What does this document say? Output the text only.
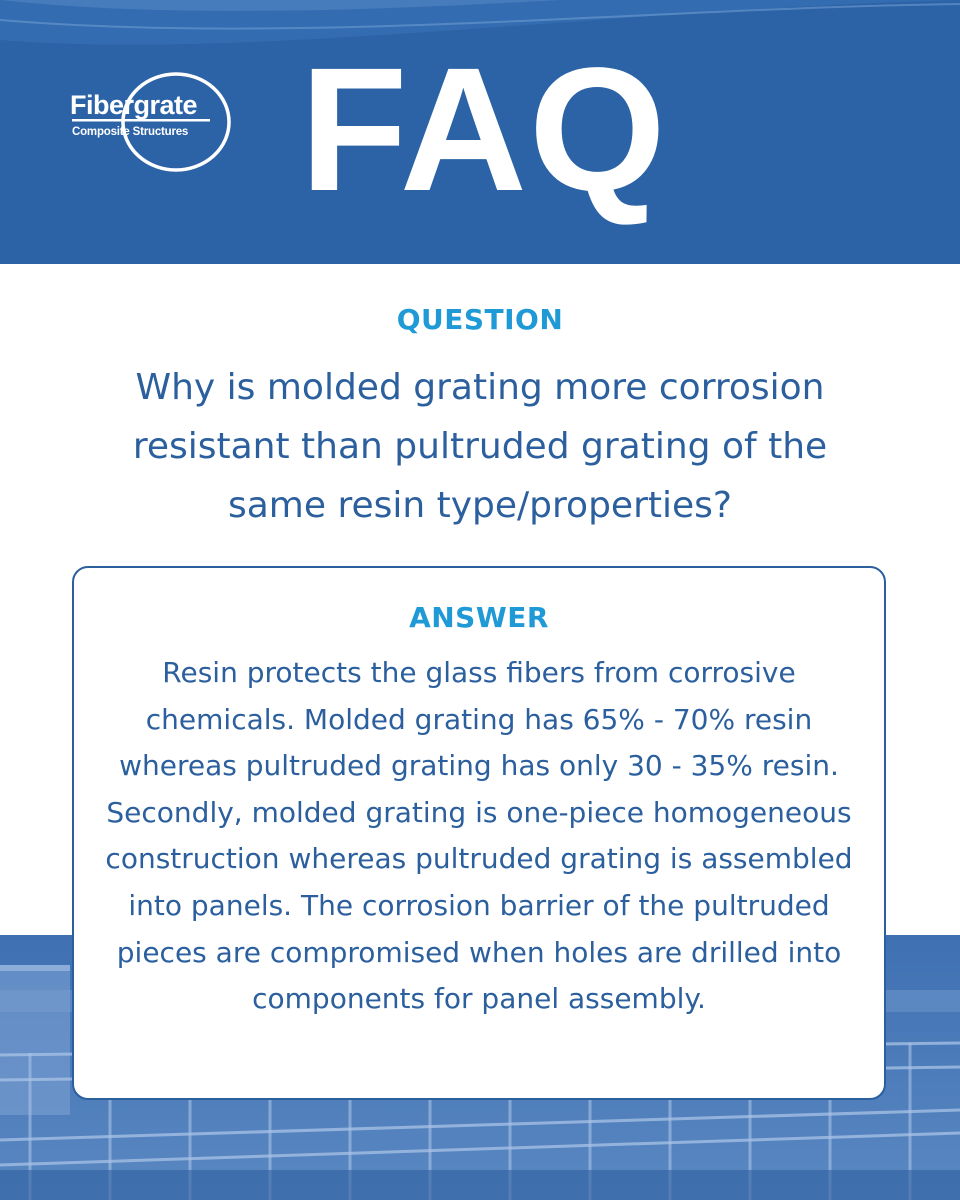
Fibergrate
Composite Structures FAQ
QUESTION
Why is molded grating more corrosion resistant than pultruded grating of the same resin type/properties?
ANSWER
Resin protects the glass fibers from corrosive chemicals. Molded grating has 65% - 70% resin whereas pultruded grating has only 30 - 35% resin. Secondly, molded grating is one-piece homogeneous construction whereas pultruded grating is assembled into panels. The corrosion barrier of the pultruded pieces are compromised when holes are drilled into components for panel assembly.
